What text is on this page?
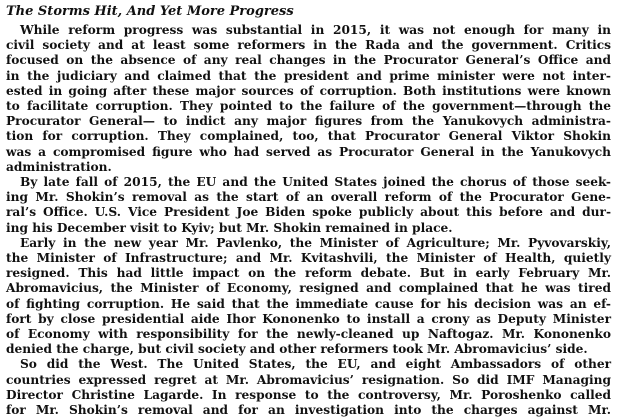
The Storms Hit, And Yet More Progress
While reform progress was substantial in 2015, it was not enough for many in
civil society and at least some reformers in the Rada and the government. Critics
focused on the absence of any real changes in the Procurator General’s Office and
in the judiciary and claimed that the president and prime minister were not inter-
ested in going after these major sources of corruption. Both institutions were known
to facilitate corruption. They pointed to the failure of the government—through the
Procurator General— to indict any major figures from the Yanukovych administra-
tion for corruption. They complained, too, that Procurator General Viktor Shokin
was a compromised figure who had served as Procurator General in the Yanukovych
administration.
By late fall of 2015, the EU and the United States joined the chorus of those seek-
ing Mr. Shokin’s removal as the start of an overall reform of the Procurator Gene-
ral’s Office. U.S. Vice President Joe Biden spoke publicly about this before and dur-
ing his December visit to Kyiv; but Mr. Shokin remained in place.
Early in the new year Mr. Pavlenko, the Minister of Agriculture; Mr. Pyvovarskiy,
the Minister of Infrastructure; and Mr. Kvitashvili, the Minister of Health, quietly
resigned. This had little impact on the reform debate. But in early February Mr.
Abromavicius, the Minister of Economy, resigned and complained that he was tired
of fighting corruption. He said that the immediate cause for his decision was an ef-
fort by close presidential aide Ihor Kononenko to install a crony as Deputy Minister
of Economy with responsibility for the newly-cleaned up Naftogaz. Mr. Kononenko
denied the charge, but civil society and other reformers took Mr. Abromavicius’ side.
So did the West. The United States, the EU, and eight Ambassadors of other
countries expressed regret at Mr. Abromavicius’ resignation. So did IMF Managing
Director Christine Lagarde. In response to the controversy, Mr. Poroshenko called
for Mr. Shokin’s removal and for an investigation into the charges against Mr.
